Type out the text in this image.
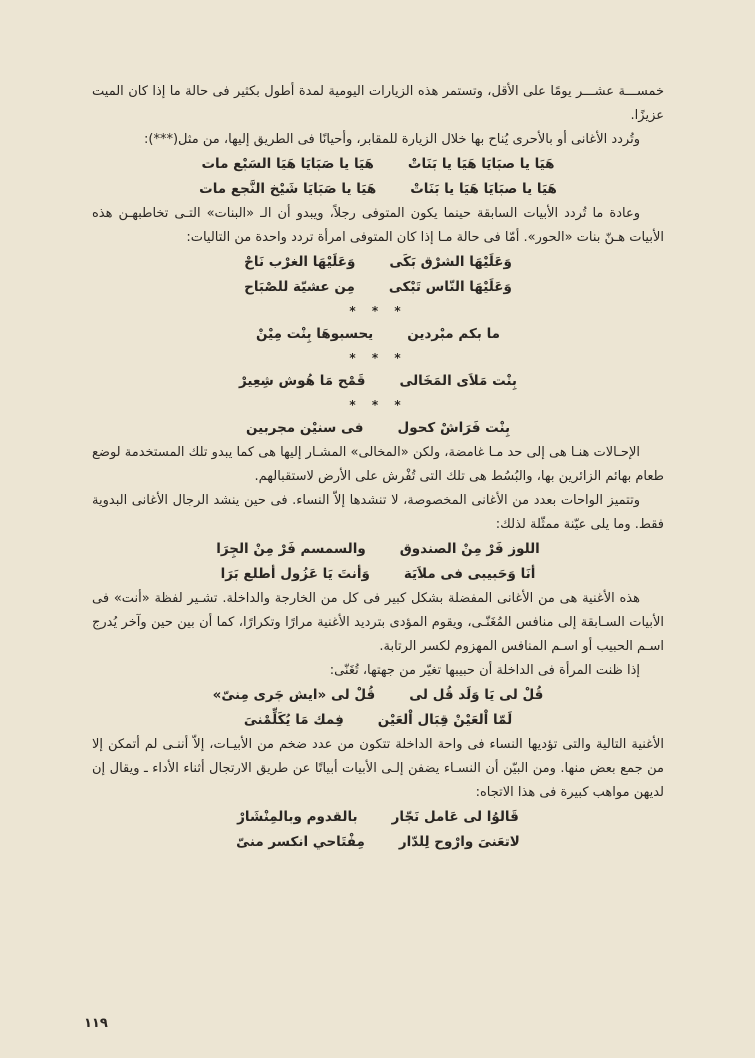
خمســـة عشـــر يومًا على الأقل، وتستمر هذه الزيارات اليومية لمدة أطول بكثير فى حالة ما إذا كان الميت عزيزًا.

وتُردد الأغانى أو بالأحرى يُناح بها خلال الزيارة للمقابر، وأحيانًا فى الطريق إليها، من مثل(***):

هَيَا يا صبَايَا هَيَا يا بَنَاتْ
هَيَا يا صَبَايَا هَيَا السَبْع مات
هَيَا يا صبَايَا هَيَا يا بَنَاتْ
هَيَا يا صَبَايَا شَيْخ النَّجع مات

وعادة ما تُردد الأبيات السابقة حينما يكون المتوفى رجلاً، ويبدو أن الـ «البنات» التـى تخاطبهـن هذه الأبيات هـنّ بنات «الحور». أمّا فى حالة مـا إذا كان المتوفى امرأة تردد واحدة من التاليات:

وَعَلَيْهَا الشرْق بَكَى
وَعَلَيْهَا الغرْب نَاحْ
وَعَلَيْهَا النّاس تَبْكى
مِن عشيّة للصْبَاح
* * *
ما بكم مبْردين
يحسبوهَا بِنْت مِيْنْ
* * *
بِنْت مَلاَى المَخَالى
قَمْح مَا هُوش شِعِيرْ
* * *
بِنْت فَرَاشْ كحول
فى سنيْن مجربين

الإحـالات هنـا هى إلى حد مـا غامضة، ولكن «المخالى» المشـار إليها هى كما يبدو تلك المستخدمة لوضع طعام بهائم الزائرين بها، والبُسُط هى تلك التى تُفْرش على الأرض لاستقبالهم.

وتتميز الواحات بعدد من الأغانى المخصوصة، لا تنشدها إلاّ النساء. فى حين ينشد الرجال الأغانى البدوية فقط. وما يلى عيّنة ممثّلة لذلك:

اللوز فَرْ مِنْ الصندوق
والسمسم فَرْ مِنْ الجِرَا
أنَا وَحَبيبى فى ملاَيَة
وَأنتَ يَا عَزُول أطلع بَرَا

هذه الأغنية هى من الأغانى المفضلة بشكل كبير فى كل من الخارجة والداخلة. تشـير لفظة «أنت» فى الأبيات السـابقة إلى منافس المُغَنّـى، ويقوم المؤدى بترديد الأغنية مرارًا وتكرارًا، كما أن بين حين وآخر يُدرج اسـم الحبيب أو اسـم المنافس المهزوم لكسر الرتابة.

إذا ظنت المرأة فى الداخلة أن حبيبها تغيّر من جهتها، تُغَنّى:

قُلْ لى يَا وَلَد قُل لى
قُلْ لى «ايش جَرى مِنىّ»
لَمّا اْلعَيْنْ قِبَال اْلعَيْن
فِمك مَا يُكَلِّمْنىَ

الأغنية التالية والتى تؤديها النساء فى واحة الداخلة تتكون من عدد ضخم من الأبيـات، إلاّ أننـى لم أتمكن إلا من جمع بعض منها. ومن البيّن أن النسـاء يضفن إلـى الأبيات أبياتًا عن طريق الارتجال أثناء الأداء ـ ويقال إن لديهن مواهب كبيرة فى هذا الاتجاه:

قَالوُا لى عَامل نَجّار
بالقدوم وبالمِنْشَارْ
لاتعَنىَ وارْوح لِلدّار
مِفْتَاحي انكسر منىّ
١١٩
